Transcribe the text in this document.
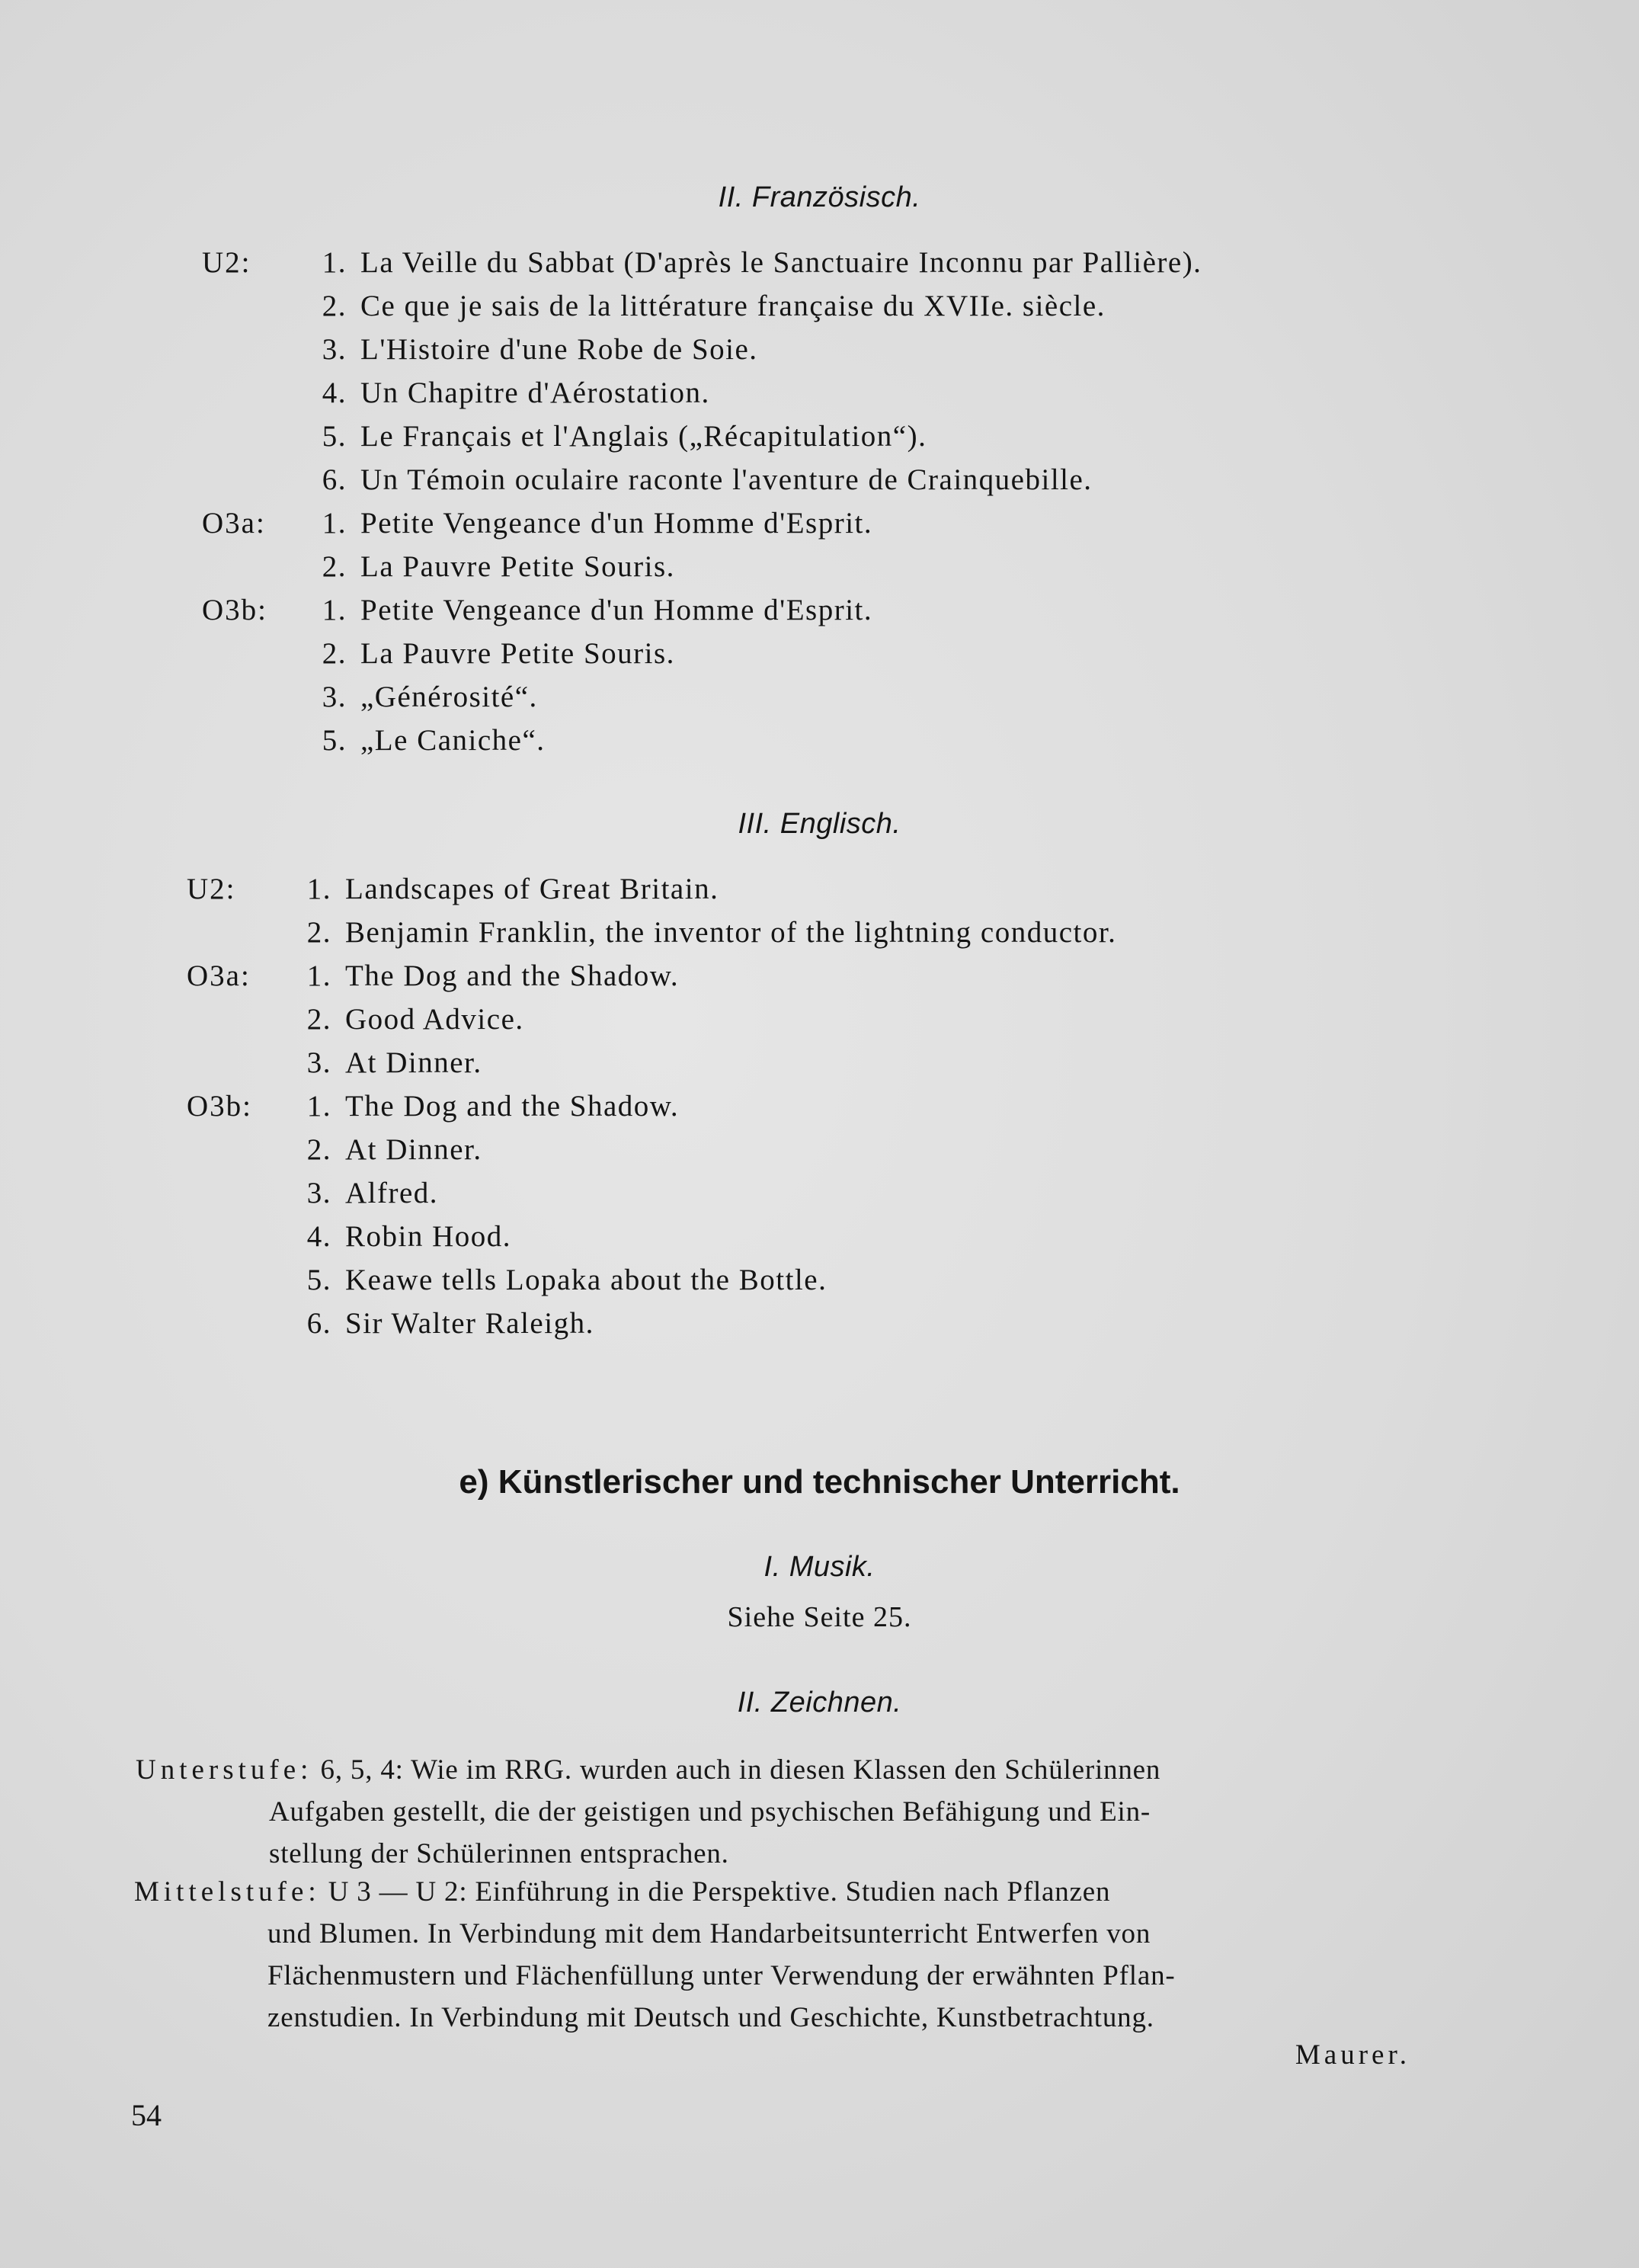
II. Französisch.
U2: 1. La Veille du Sabbat (D'après le Sanctuaire Inconnu par Pallière).
2. Ce que je sais de la littérature française du XVIIe. siècle.
3. L'Histoire d'une Robe de Soie.
4. Un Chapitre d'Aérostation.
5. Le Français et l'Anglais („Récapitulation“).
6. Un Témoin oculaire raconte l'aventure de Crainquebille.
O3a: 1. Petite Vengeance d'un Homme d'Esprit.
2. La Pauvre Petite Souris.
O3b: 1. Petite Vengeance d'un Homme d'Esprit.
2. La Pauvre Petite Souris.
3. „Générosité“.
5. „Le Caniche“.
III. Englisch.
U2: 1. Landscapes of Great Britain.
2. Benjamin Franklin, the inventor of the lightning conductor.
O3a: 1. The Dog and the Shadow.
2. Good Advice.
3. At Dinner.
O3b: 1. The Dog and the Shadow.
2. At Dinner.
3. Alfred.
4. Robin Hood.
5. Keawe tells Lopaka about the Bottle.
6. Sir Walter Raleigh.
e) Künstlerischer und technischer Unterricht.
I. Musik.
Siehe Seite 25.
II. Zeichnen.
Unterstufe: 6, 5, 4: Wie im RRG. wurden auch in diesen Klassen den Schülerinnen
Aufgaben gestellt, die der geistigen und psychischen Befähigung und Ein-
stellung der Schülerinnen entsprachen.
Mittelstufe: U 3 — U 2: Einführung in die Perspektive. Studien nach Pflanzen
und Blumen. In Verbindung mit dem Handarbeitsunterricht Entwerfen von
Flächenmustern und Flächenfüllung unter Verwendung der erwähnten Pflan-
zenstudien. In Verbindung mit Deutsch und Geschichte, Kunstbetrachtung.
Maurer.
54
